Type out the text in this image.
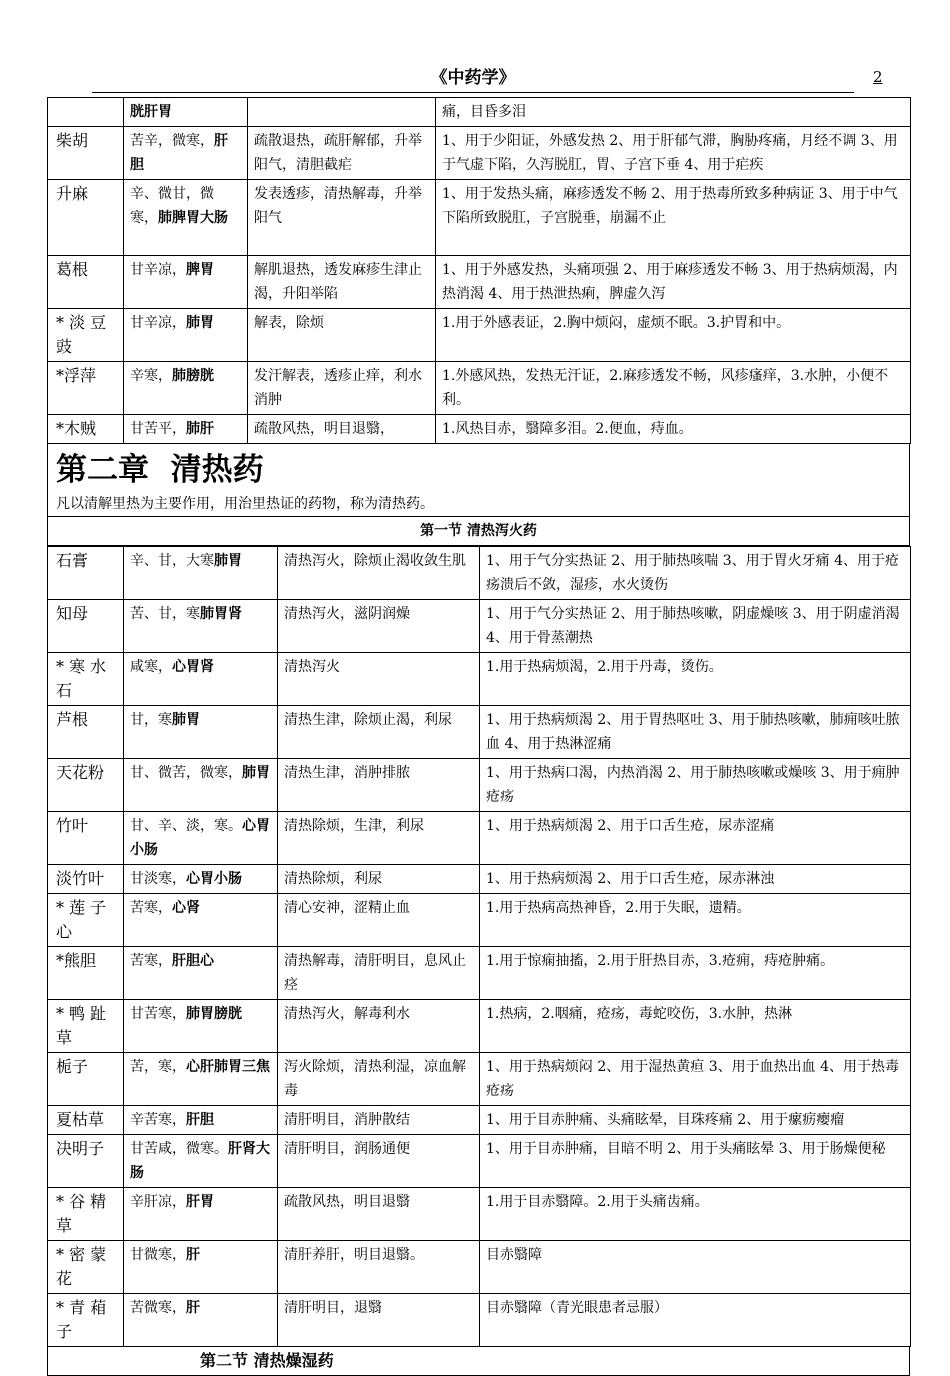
《中药学》	2
	胱肝胃		痛，目昏多泪
柴胡	苦辛，微寒，肝胆	疏散退热，疏肝解郁，升举阳气，清胆截疟	1、用于少阳证，外感发热 2、用于肝郁气滞，胸胁疼痛，月经不调 3、用于气虚下陷，久泻脱肛，胃、子宫下垂 4、用于疟疾
升麻	辛、微甘，微寒，肺脾胃大肠	发表透疹，清热解毒，升举阳气	1、用于发热头痛，麻疹透发不畅 2、用于热毒所致多种病证 3、用于中气下陷所致脱肛，子宫脱垂，崩漏不止
葛根	甘辛凉，脾胃	解肌退热，透发麻疹生津止渴，升阳举陷	1、用于外感发热，头痛项强 2、用于麻疹透发不畅 3、用于热病烦渴，内热消渴 4、用于热泄热痢，脾虚久泻
* 淡 豆 豉	甘辛凉，肺胃	解表，除烦	1.用于外感表证，2.胸中烦闷，虚烦不眠。3.护胃和中。
*浮萍	辛寒，肺膀胱	发汗解表，透疹止痒，利水消肿	1.外感风热，发热无汗证，2.麻疹透发不畅，风疹瘙痒，3.水肿，小便不利。
*木贼	甘苦平，肺肝	疏散风热，明目退翳，	1.风热目赤，翳障多泪。2.便血，痔血。
第二章  清热药
凡以清解里热为主要作用，用治里热证的药物，称为清热药。

第一节 清热泻火药
石膏	辛、甘，大寒肺胃	清热泻火，除烦止渴收敛生肌	1、用于气分实热证 2、用于肺热咳喘 3、用于胃火牙痛 4、用于疮疡溃后不敛，湿疹，水火烫伤
知母	苦、甘，寒肺胃肾	清热泻火，滋阴润燥	1、用于气分实热证 2、用于肺热咳嗽，阴虚燥咳 3、用于阴虚消渴 4、用于骨蒸潮热
* 寒 水 石	咸寒，心胃肾	清热泻火	1.用于热病烦渴，2.用于丹毒，烫伤。
芦根	甘，寒肺胃	清热生津，除烦止渴，利尿	1、用于热病烦渴 2、用于胃热呕吐 3、用于肺热咳嗽，肺痈咳吐脓血 4、用于热淋涩痛
天花粉	甘、微苦，微寒，肺胃	清热生津，消肿排脓	1、用于热病口渴，内热消渴 2、用于肺热咳嗽或燥咳 3、用于痈肿疮疡
竹叶	甘、辛、淡，寒。心胃小肠	清热除烦，生津，利尿	1、用于热病烦渴 2、用于口舌生疮，尿赤涩痛
淡竹叶	甘淡寒，心胃小肠	清热除烦，利尿	1、用于热病烦渴 2、用于口舌生疮，尿赤淋浊
* 莲 子 心	苦寒，心肾	清心安神，涩精止血	1.用于热病高热神昏，2.用于失眠，遗精。
*熊胆	苦寒，肝胆心	清热解毒，清肝明目，息风止痉	1.用于惊痫抽搐，2.用于肝热目赤，3.疮痈，痔疮肿痛。
* 鸭 趾 草	甘苦寒，肺胃膀胱	清热泻火，解毒利水	1.热病，2.咽痛，疮疡，毒蛇咬伤，3.水肿，热淋
栀子	苦，寒，心肝肺胃三焦	泻火除烦，清热利湿，凉血解毒	1、用于热病烦闷 2、用于湿热黄疸 3、用于血热出血 4、用于热毒疮疡
夏枯草	辛苦寒，肝胆	清肝明目，消肿散结	1、用于目赤肿痛、头痛眩晕，目珠疼痛 2、用于瘰疬瘿瘤
决明子	甘苦咸，微寒。肝肾大肠	清肝明目，润肠通便	1、用于目赤肿痛，目暗不明 2、用于头痛眩晕 3、用于肠燥便秘
* 谷 精 草	辛肝凉，肝胃	疏散风热，明目退翳	1.用于目赤翳障。2.用于头痛齿痛。
* 密 蒙 花	甘微寒，肝	清肝养肝，明目退翳。	目赤翳障
* 青 葙 子	苦微寒，肝	清肝明目，退翳	目赤翳障（青光眼患者忌服）
第二节 清热燥湿药
